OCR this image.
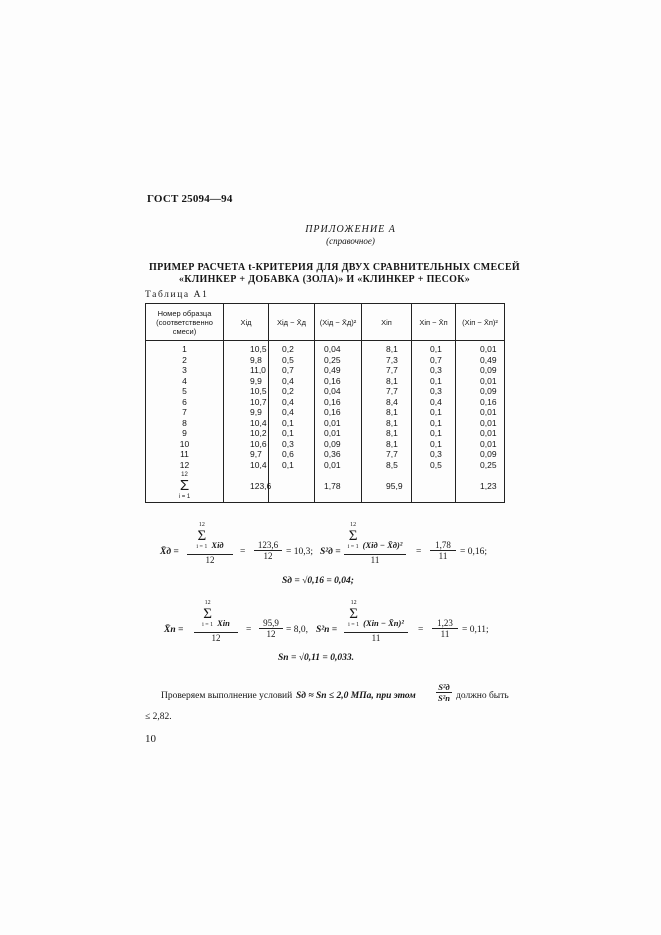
ГОСТ 25094—94
ПРИЛОЖЕНИЕ А
(справочное)
ПРИМЕР РАСЧЕТА t-КРИТЕРИЯ ДЛЯ ДВУХ СРАВНИТЕЛЬНЫХ СМЕСЕЙ
«КЛИНКЕР + ДОБАВКА (ЗОЛА)» И «КЛИНКЕР + ПЕСОК»
Таблица А1
Номер образца (соответственно смеси)	Xiд	Xiд − X̄д	(Xiд − X̄д)²	Xiп	Xiп − X̄п	(Xiп − X̄п)²
1	10,5	0,2	0,04	8,1	0,1	0,01
2	9,8	0,5	0,25	7,3	0,7	0,49
3	11,0	0,7	0,49	7,7	0,3	0,09
4	9,9	0,4	0,16	8,1	0,1	0,01
5	10,5	0,2	0,04	7,7	0,3	0,09
6	10,7	0,4	0,16	8,4	0,4	0,16
7	9,9	0,4	0,16	8,1	0,1	0,01
8	10,4	0,1	0,01	8,1	0,1	0,01
9	10,2	0,1	0,01	8,1	0,1	0,01
10	10,6	0,3	0,09	8,1	0,1	0,01
11	9,7	0,6	0,36	7,7	0,3	0,09
12	10,4	0,1	0,01	8,5	0,5	0,25

12
Σ
i = 1	123,6		1,78	95,9		1,23
X̄д =
12
Σ
i = 1 Xiд
12
=
123,6
12	= 10,3; S²д =
12
Σ
i = 1 (Xiд − X̄д)²
11
=
1,78
11	= 0,16;
Sд = √0,16 = 0,04;
X̄п =
12
Σ
i = 1 Xiп
12
=
95,9
12	= 8,0, S²п =
12
Σ
i = 1 (Xiп − X̄п)²
11
=
1,23
11	= 0,11;
Sп = √0,11 = 0,033.
Проверяем выполнение условий Sд ≈ Sп ≤ 2,0 МПа, при этом
S²д
S²п должно быть
≤ 2,82.
10
